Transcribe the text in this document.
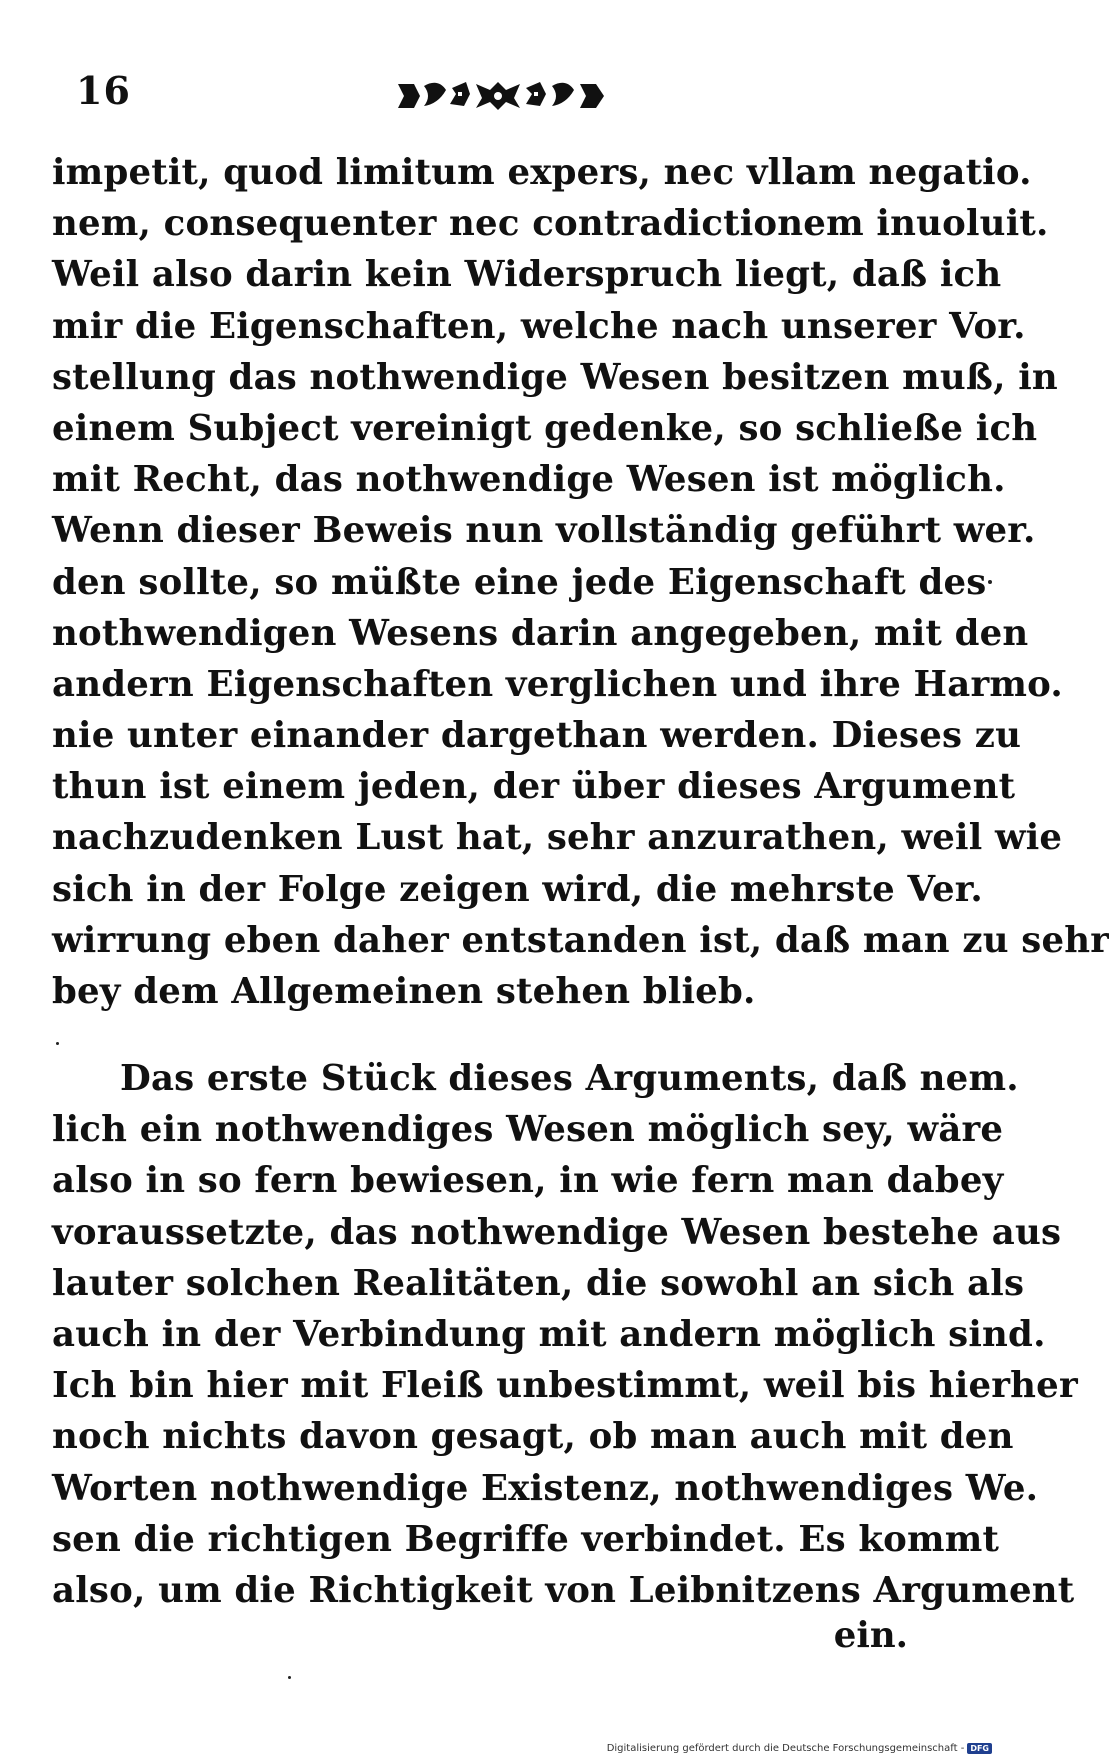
16
impetit, quod limitum expers, nec vllam negatio.
nem, consequenter nec contradictionem inuoluit.
Weil also darin kein Widerspruch liegt, daß ich
mir die Eigenschaften, welche nach unserer Vor.
stellung das nothwendige Wesen besitzen muß, in
einem Subject vereinigt gedenke, so schließe ich
mit Recht, das nothwendige Wesen ist möglich.
Wenn dieser Beweis nun vollständig geführt wer.
den sollte, so müßte eine jede Eigenschaft des
nothwendigen Wesens darin angegeben, mit den
andern Eigenschaften verglichen und ihre Harmo.
nie unter einander dargethan werden. Dieses zu
thun ist einem jeden, der über dieses Argument
nachzudenken Lust hat, sehr anzurathen, weil wie
sich in der Folge zeigen wird, die mehrste Ver.
wirrung eben daher entstanden ist, daß man zu sehr
bey dem Allgemeinen stehen blieb.
Das erste Stück dieses Arguments, daß nem.
lich ein nothwendiges Wesen möglich sey, wäre
also in so fern bewiesen, in wie fern man dabey
voraussetzte, das nothwendige Wesen bestehe aus
lauter solchen Realitäten, die sowohl an sich als
auch in der Verbindung mit andern möglich sind.
Ich bin hier mit Fleiß unbestimmt, weil bis hierher
noch nichts davon gesagt, ob man auch mit den
Worten nothwendige Existenz, nothwendiges We.
sen die richtigen Begriffe verbindet. Es kommt
also, um die Richtigkeit von Leibnitzens Argument
ein.
Digitalisierung gefördert durch die Deutsche Forschungsgemeinschaft - DFG
